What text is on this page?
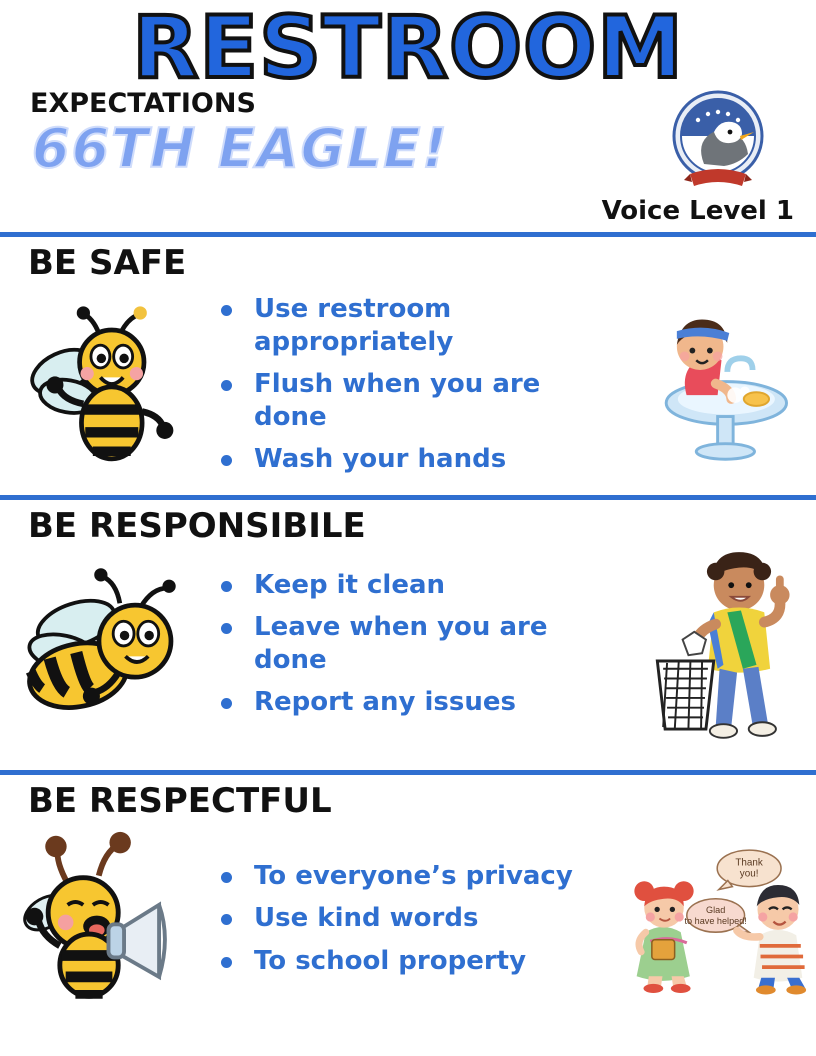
RESTROOM
EXPECTATIONS
66TH EAGLE!
Voice Level 1
BE SAFE
Use restroom appropriately
Flush when you are done
Wash your hands
BE RESPONSIBILE
Keep it clean
Leave when you are done
Report any issues
BE RESPECTFUL
To everyone’s privacy
Use kind words
To school property
Thank
you!
Glad
to have helped!
